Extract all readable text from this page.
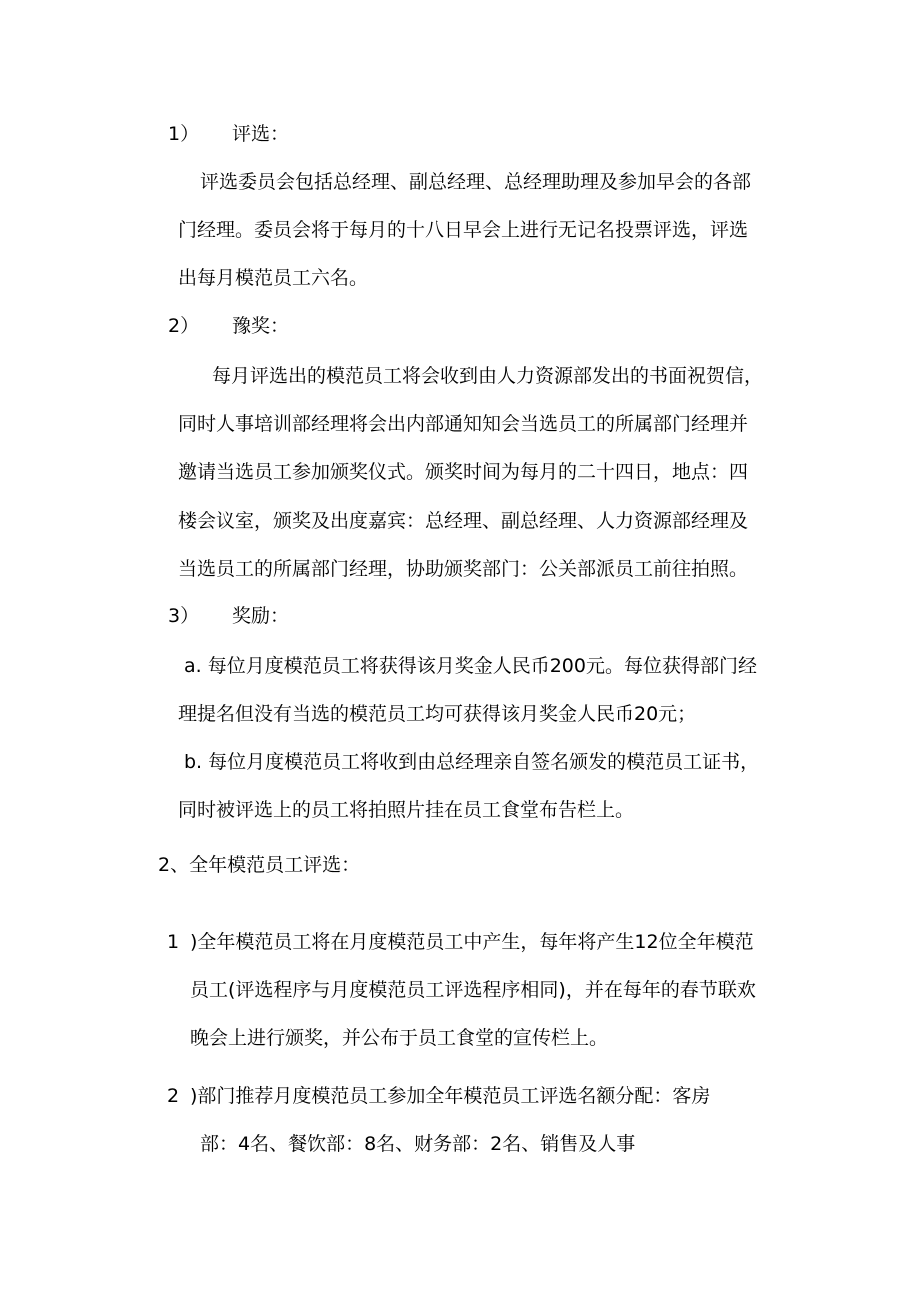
1） 评选：
评选委员会包括总经理、副总经理、总经理助理及参加早会的各部
门经理。委员会将于每月的十八日早会上进行无记名投票评选，评选
出每月模范员工六名。
2） 豫奖：
每月评选出的模范员工将会收到由人力资源部发出的书面祝贺信，
同时人事培训部经理将会出内部通知知会当选员工的所属部门经理并
邀请当选员工参加颁奖仪式。颁奖时间为每月的二十四日，地点：四
楼会议室，颁奖及出度嘉宾：总经理、副总经理、人力资源部经理及
当选员工的所属部门经理，协助颁奖部门：公关部派员工前往拍照。
3） 奖励：
a. 每位月度模范员工将获得该月奖金人民币200元。每位获得部门经
理提名但没有当选的模范员工均可获得该月奖金人民币20元；
b. 每位月度模范员工将收到由总经理亲自签名颁发的模范员工证书，
同时被评选上的员工将拍照片挂在员工食堂布告栏上。
2、全年模范员工评选：
1 )全年模范员工将在月度模范员工中产生，每年将产生12位全年模范
员工(评选程序与月度模范员工评选程序相同)，并在每年的春节联欢
晚会上进行颁奖，并公布于员工食堂的宣传栏上。
2 )部门推荐月度模范员工参加全年模范员工评选名额分配：客房
部：4名、餐饮部：8名、财务部：2名、销售及人事
